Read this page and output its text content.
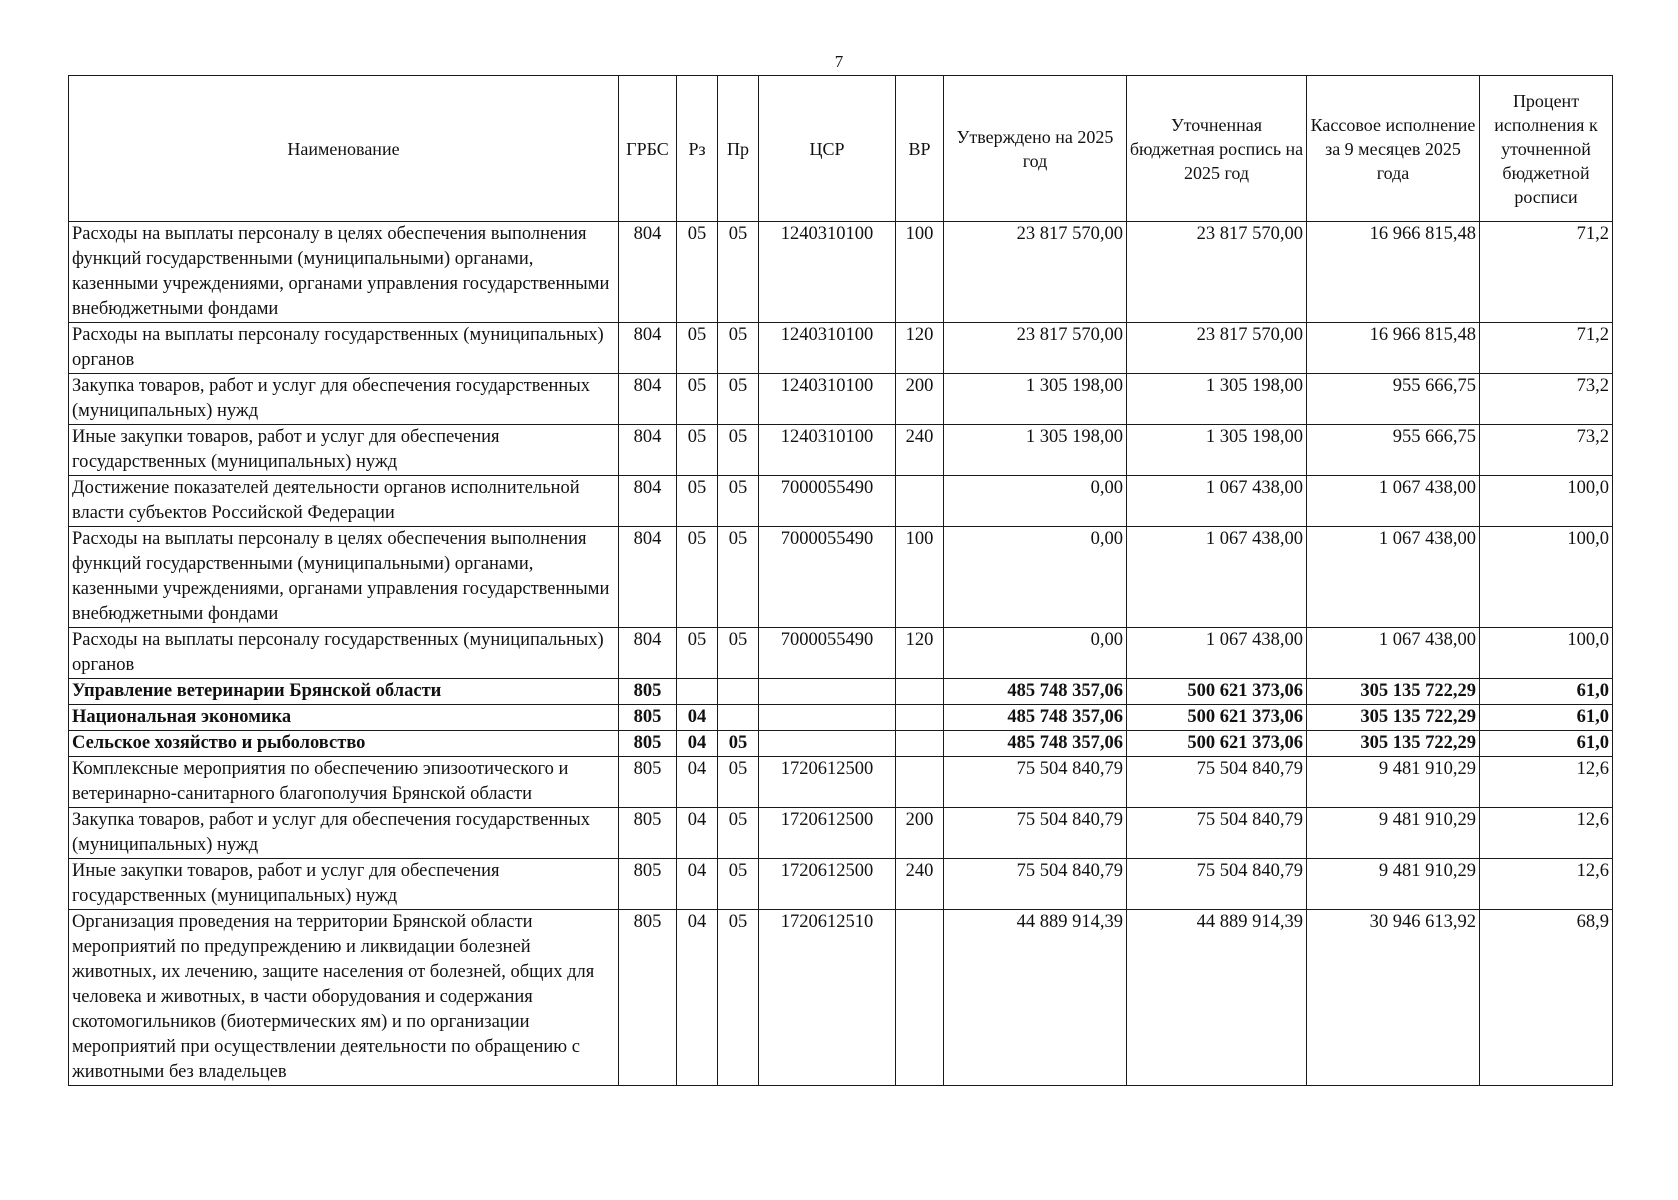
7
Наименование	ГРБС	Рз	Пр	ЦСР	ВР	Утверждено на 2025 год	Уточненная бюджетная роспись на 2025 год	Кассовое исполнение за 9 месяцев 2025 года	Процент исполнения к уточненной бюджетной росписи
Расходы на выплаты персоналу в целях обеспечения выполнения функций государственными (муниципальными) органами, казенными учреждениями, органами управления государственными внебюджетными фондами	804	05	05	1240310100	100	23 817 570,00	23 817 570,00	16 966 815,48	71,2
Расходы на выплаты персоналу государственных (муниципальных) органов	804	05	05	1240310100	120	23 817 570,00	23 817 570,00	16 966 815,48	71,2
Закупка товаров, работ и услуг для обеспечения государственных (муниципальных) нужд	804	05	05	1240310100	200	1 305 198,00	1 305 198,00	955 666,75	73,2
Иные закупки товаров, работ и услуг для обеспечения государственных (муниципальных) нужд	804	05	05	1240310100	240	1 305 198,00	1 305 198,00	955 666,75	73,2
Достижение показателей деятельности органов исполнительной власти субъектов Российской Федерации	804	05	05	7000055490		0,00	1 067 438,00	1 067 438,00	100,0
Расходы на выплаты персоналу в целях обеспечения выполнения функций государственными (муниципальными) органами, казенными учреждениями, органами управления государственными внебюджетными фондами	804	05	05	7000055490	100	0,00	1 067 438,00	1 067 438,00	100,0
Расходы на выплаты персоналу государственных (муниципальных) органов	804	05	05	7000055490	120	0,00	1 067 438,00	1 067 438,00	100,0
Управление ветеринарии Брянской области	805					485 748 357,06	500 621 373,06	305 135 722,29	61,0
Национальная экономика	805	04				485 748 357,06	500 621 373,06	305 135 722,29	61,0
Сельское хозяйство и рыболовство	805	04	05			485 748 357,06	500 621 373,06	305 135 722,29	61,0
Комплексные мероприятия по обеспечению эпизоотического и ветеринарно-санитарного благополучия Брянской области	805	04	05	1720612500		75 504 840,79	75 504 840,79	9 481 910,29	12,6
Закупка товаров, работ и услуг для обеспечения государственных (муниципальных) нужд	805	04	05	1720612500	200	75 504 840,79	75 504 840,79	9 481 910,29	12,6
Иные закупки товаров, работ и услуг для обеспечения государственных (муниципальных) нужд	805	04	05	1720612500	240	75 504 840,79	75 504 840,79	9 481 910,29	12,6
Организация проведения на территории Брянской области мероприятий по предупреждению и ликвидации болезней животных, их лечению, защите населения от болезней, общих для человека и животных, в части оборудования и содержания скотомогильников (биотермических ям) и по организации мероприятий при осуществлении деятельности по обращению с животными без владельцев	805	04	05	1720612510		44 889 914,39	44 889 914,39	30 946 613,92	68,9
